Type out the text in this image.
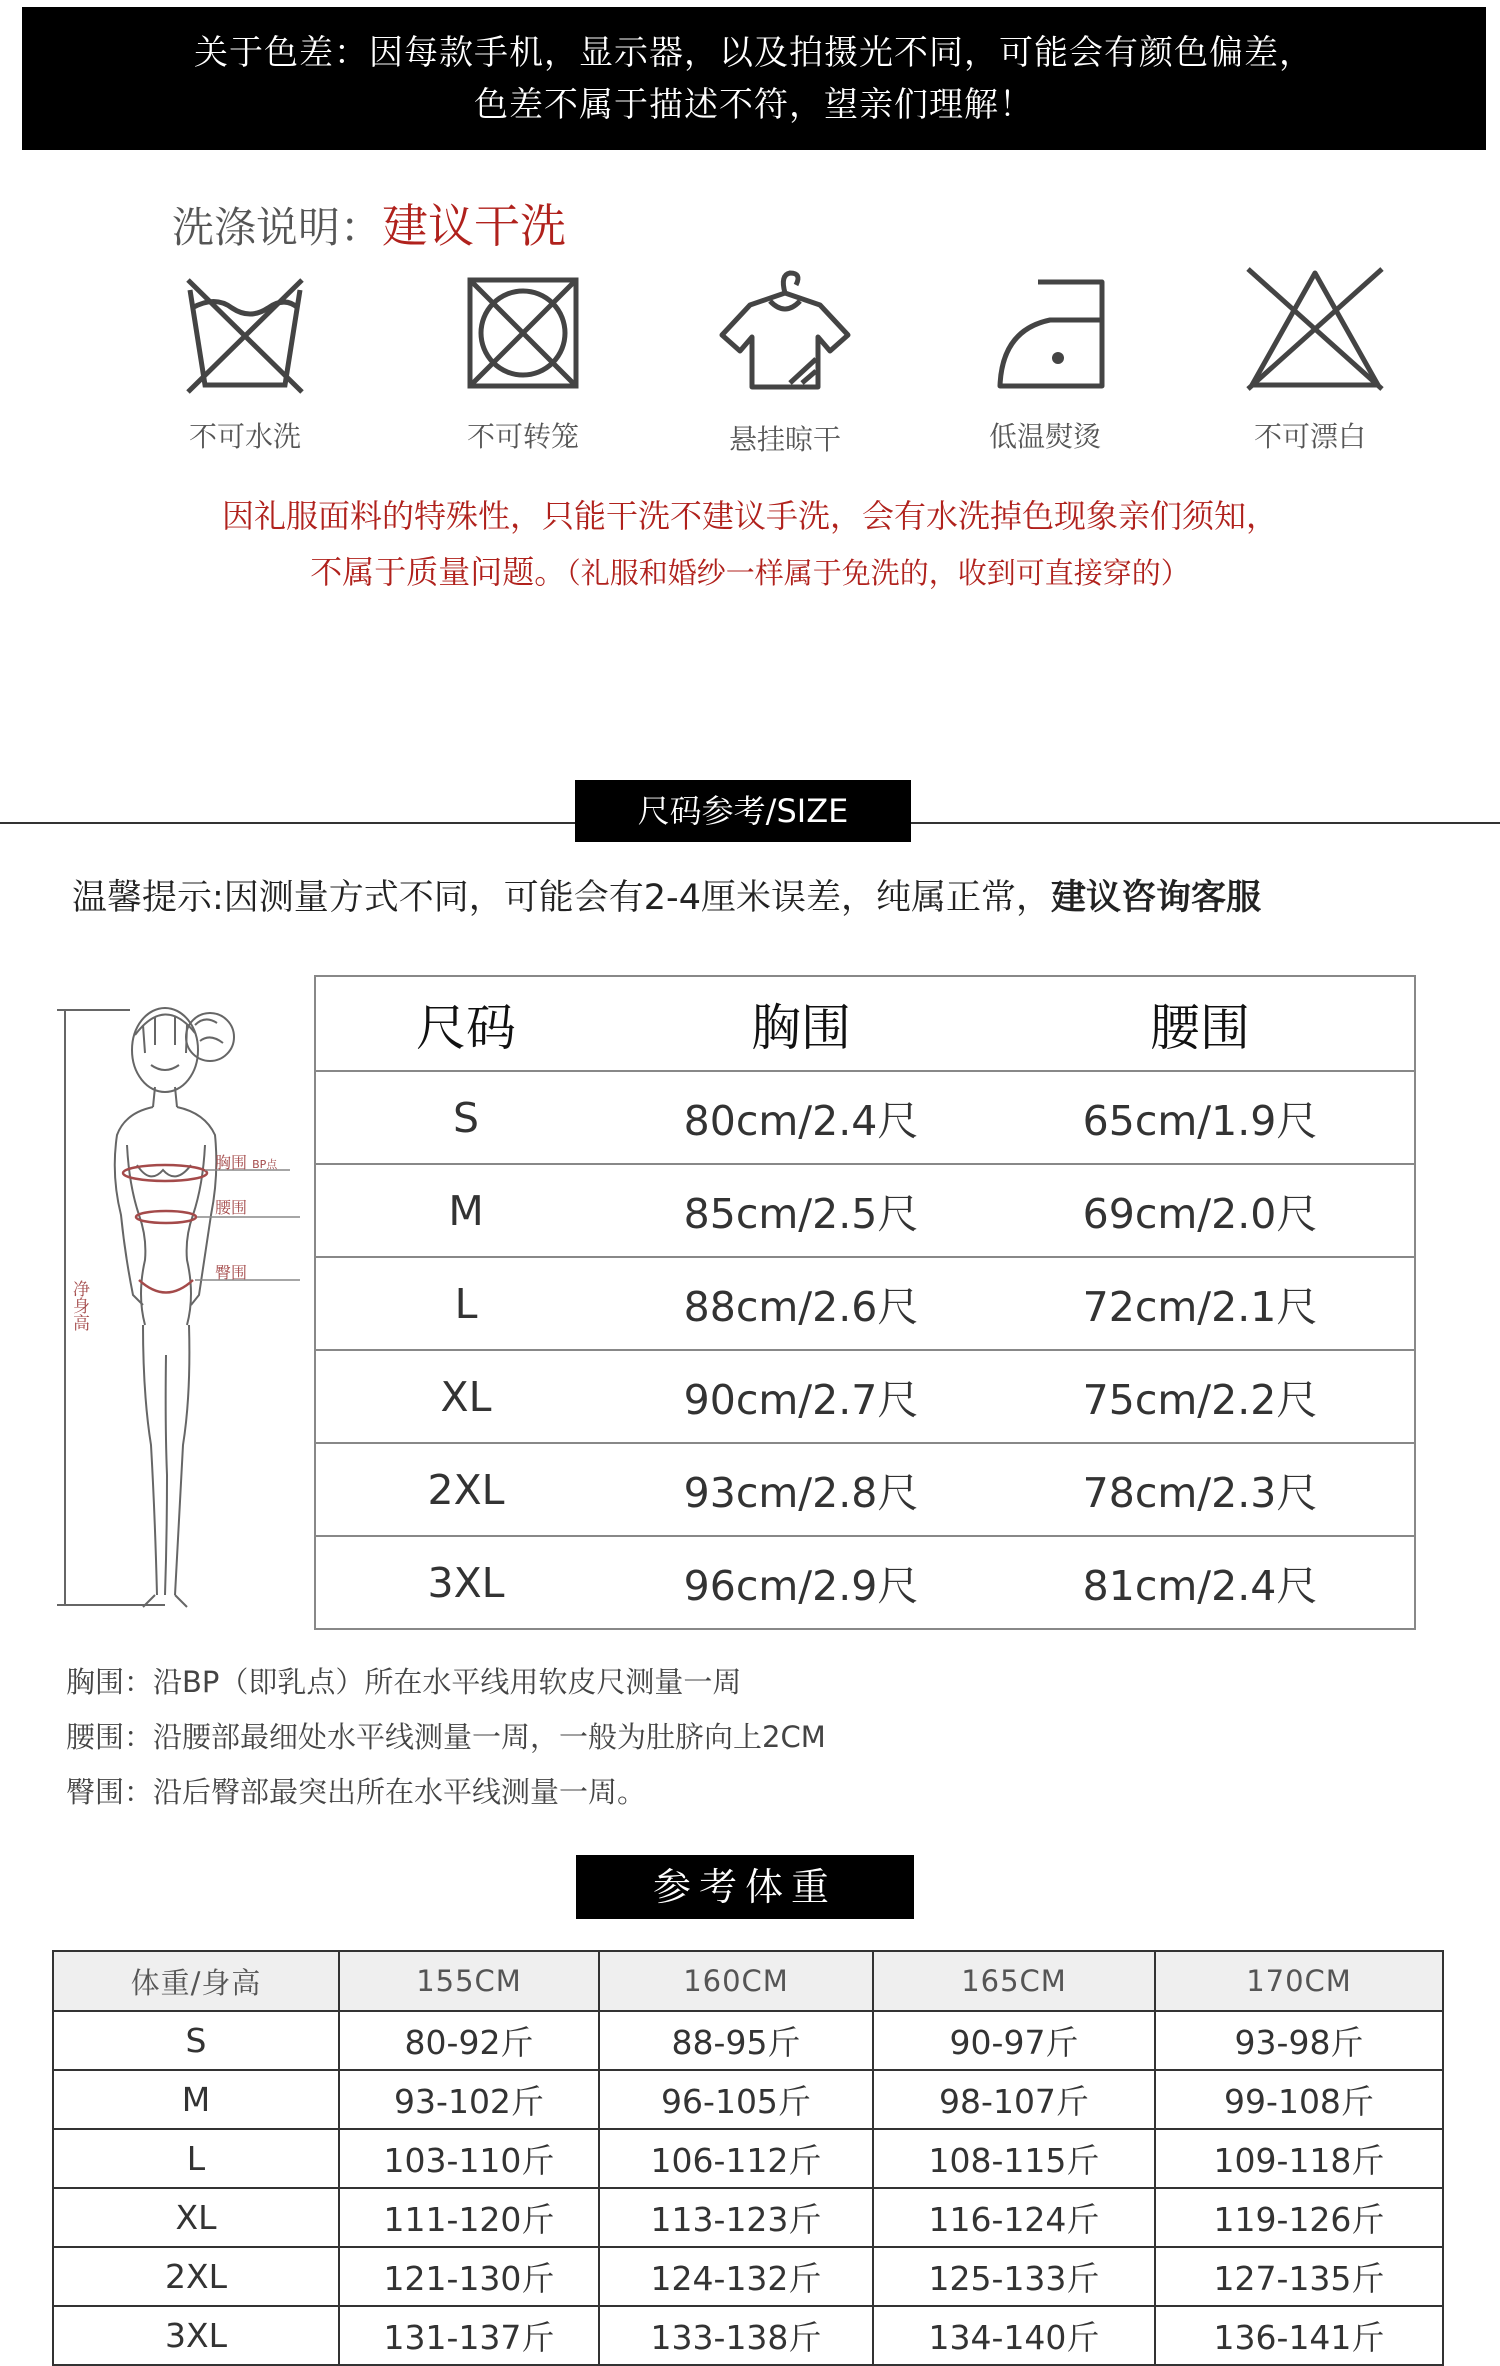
关于色差：因每款手机，显示器，以及拍摄光不同，可能会有颜色偏差，
色差不属于描述不符，望亲们理解！
洗涤说明：建议干洗
不可水洗	不可转笼	悬挂晾干	低温熨烫	不可漂白
因礼服面料的特殊性，只能干洗不建议手洗，会有水洗掉色现象亲们须知，
不属于质量问题。（礼服和婚纱一样属于免洗的，收到可直接穿的）
尺码参考/SIZE
温馨提示:因测量方式不同，可能会有2-4厘米误差，纯属正常，建议咨询客服
胸围 BP点
腰围
臀围
净身高
尺码	胸围	腰围
S	80cm/2.4尺	65cm/1.9尺
M	85cm/2.5尺	69cm/2.0尺
L	88cm/2.6尺	72cm/2.1尺
XL	90cm/2.7尺	75cm/2.2尺
2XL	93cm/2.8尺	78cm/2.3尺
3XL	96cm/2.9尺	81cm/2.4尺
胸围：沿BP（即乳点）所在水平线用软皮尺测量一周
腰围：沿腰部最细处水平线测量一周，一般为肚脐向上2CM
臀围：沿后臀部最突出所在水平线测量一周。
参考体重
体重/身高	155CM	160CM	165CM	170CM
S	80-92斤	88-95斤	90-97斤	93-98斤
M	93-102斤	96-105斤	98-107斤	99-108斤
L	103-110斤	106-112斤	108-115斤	109-118斤
XL	111-120斤	113-123斤	116-124斤	119-126斤
2XL	121-130斤	124-132斤	125-133斤	127-135斤
3XL	131-137斤	133-138斤	134-140斤	136-141斤
